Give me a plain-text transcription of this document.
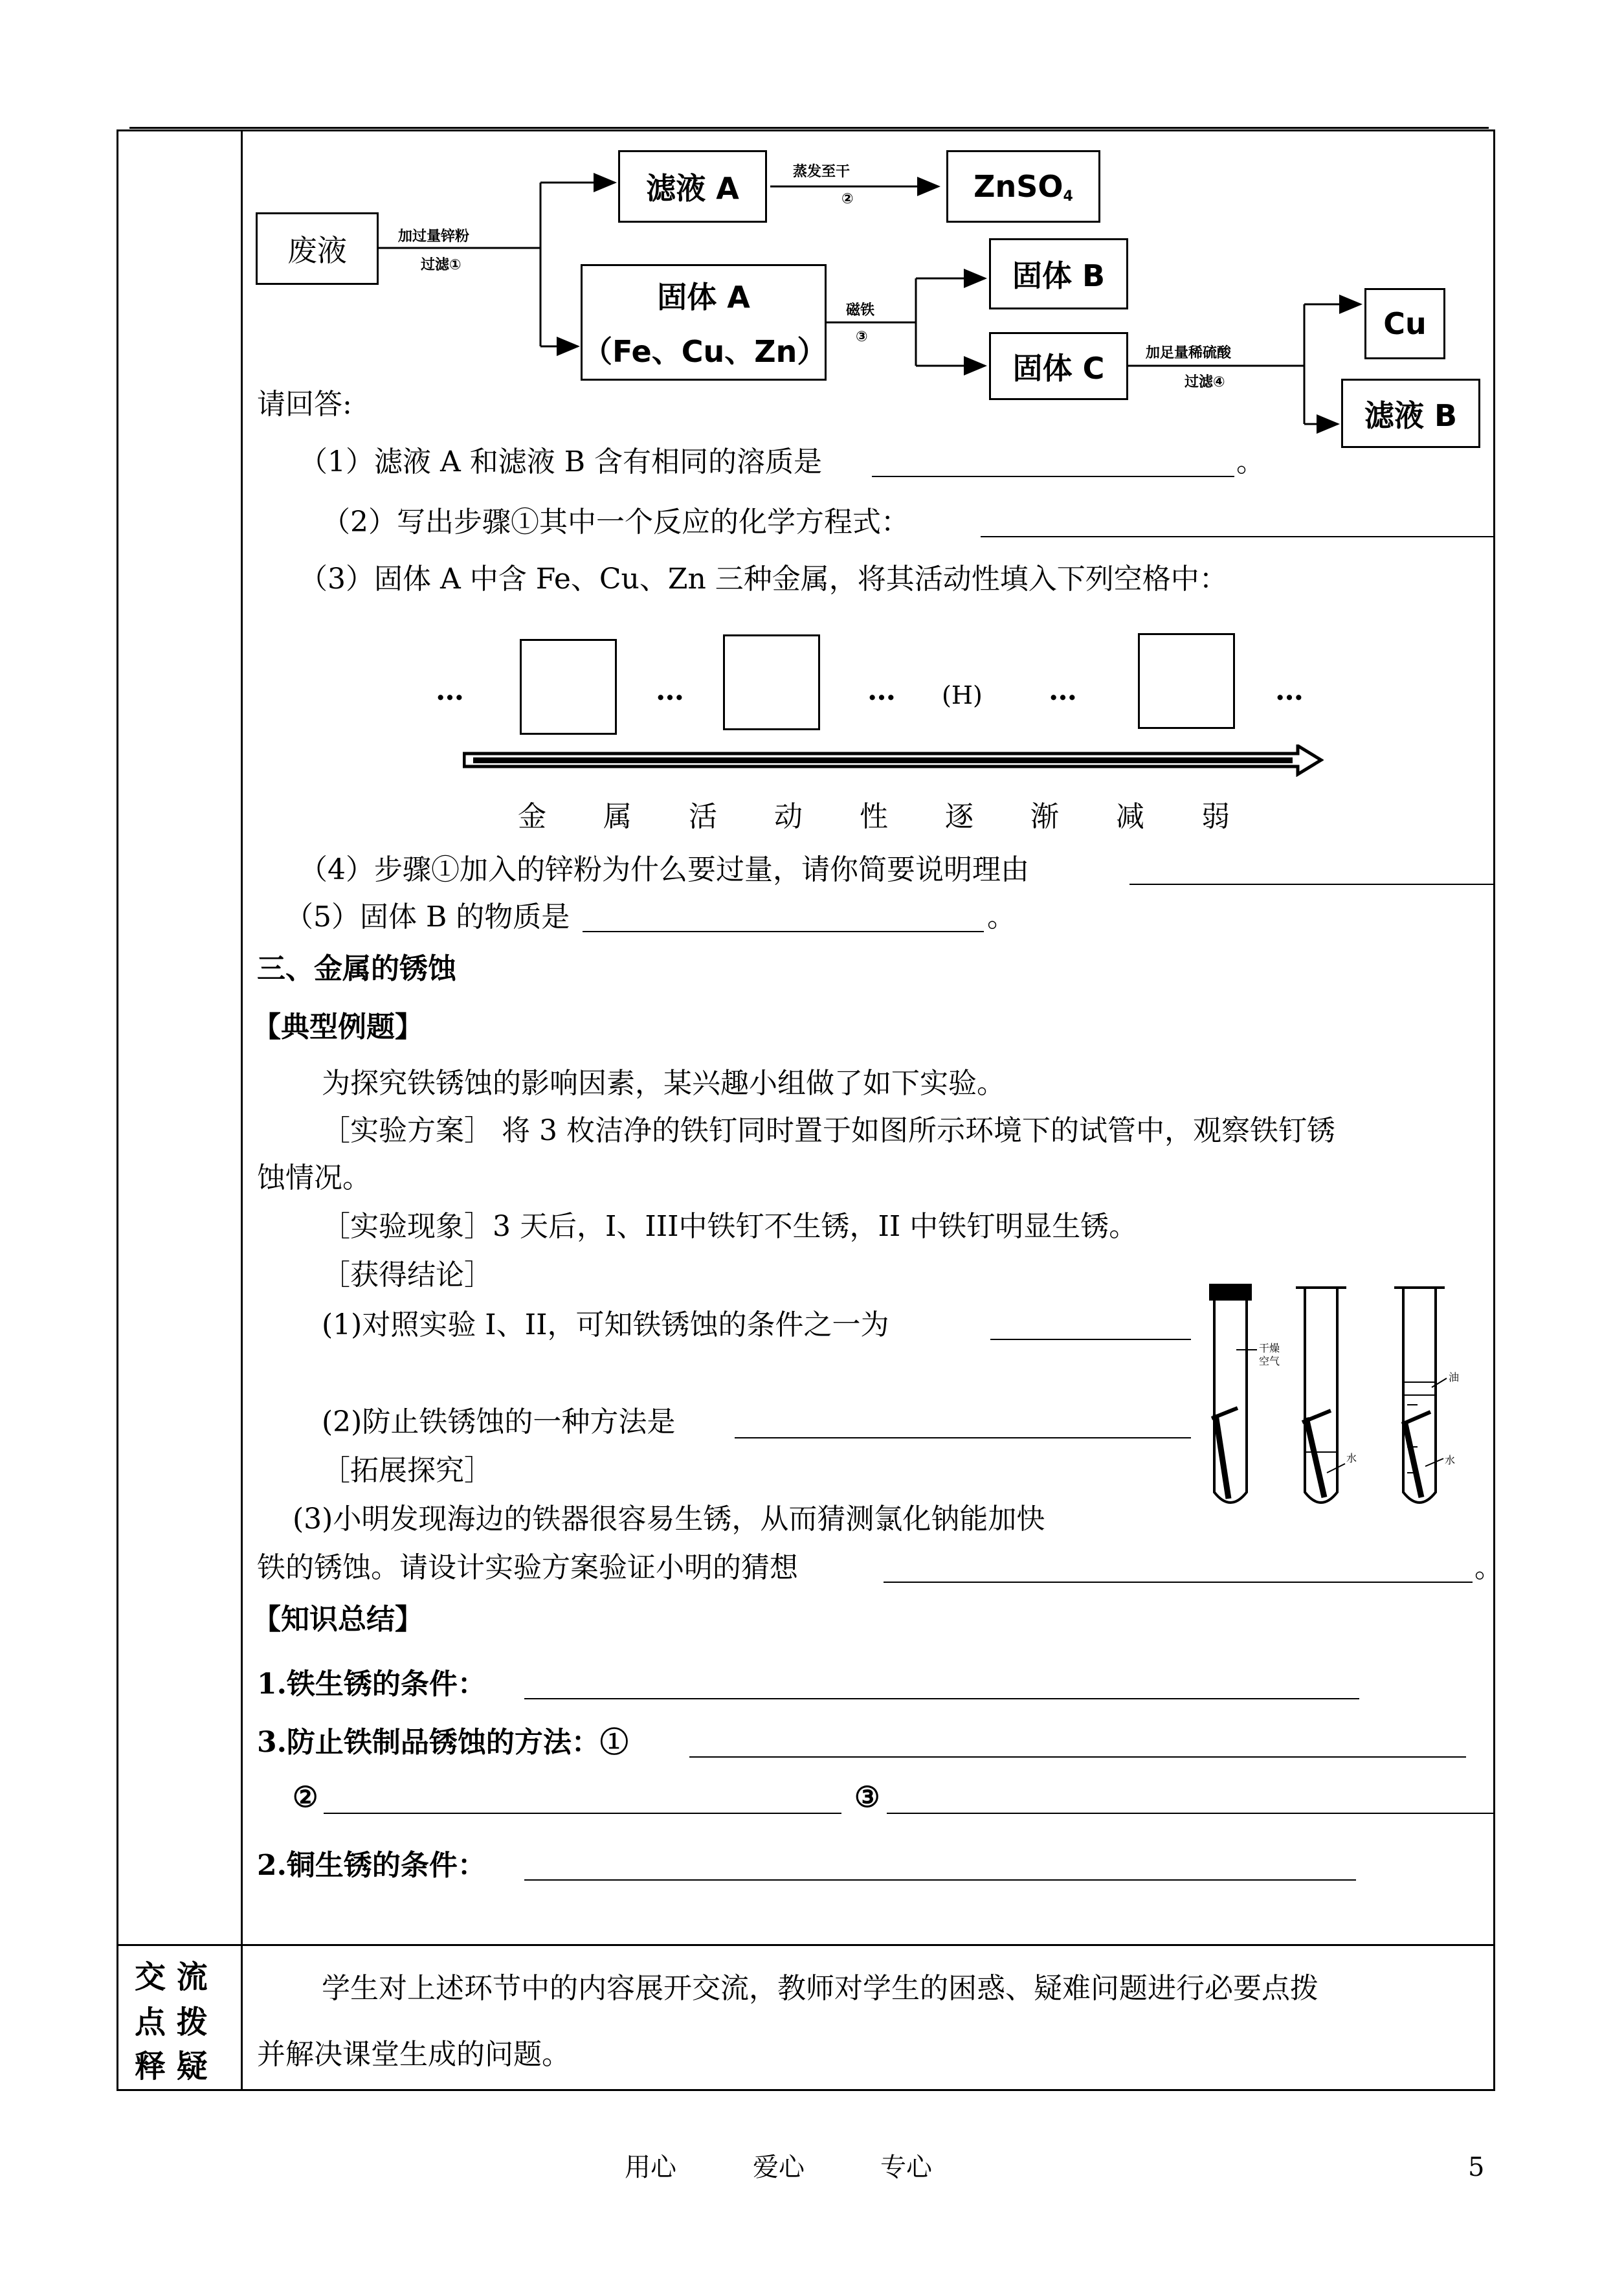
废液	加过量锌粉
过滤①
滤液 A	蒸发至干
②	ZnSO 4
固体 A
（Fe、Cu、Zn）
磁铁
③
固体 B
固体 C	加足量稀硫酸
过滤④
Cu
滤液 B
请回答:
（1）滤液 A 和滤液 B 含有相同的溶质是	。
（2）写出步骤①其中一个反应的化学方程式：
（3）固体 A 中含 Fe、Cu、Zn 三种金属，将其活动性填入下列空格中：
…	…	… (H) …	…
金 属 活 动 性 逐 渐 减 弱
（4）步骤①加入的锌粉为什么要过量，请你简要说明理由
（5）固体 B 的物质是	。
三、金属的锈蚀
【典型例题】
为探究铁锈蚀的影响因素，某兴趣小组做了如下实验。
［实验方案］ 将 3 枚洁净的铁钉同时置于如图所示环境下的试管中，观察铁钉锈
蚀情况。
［实验现象］3 天后，I、III中铁钉不生锈，II 中铁钉明显生锈。
［获得结论］
(1)对照实验 I、II，可知铁锈蚀的条件之一为
(2)防止铁锈蚀的一种方法是
［拓展探究］
(3)小明发现海边的铁器很容易生锈，从而猜测氯化钠能加快
铁的锈蚀。请设计实验方案验证小明的猜想	。
干燥
空气
水
油
水
【知识总结】
1.铁生锈的条件：
3.防止铁制品锈蚀的方法：①
②	③
2.铜生锈的条件：
交 流
点 拨
释 疑
学生对上述环节中的内容展开交流，教师对学生的困惑、疑难问题进行必要点拨
并解决课堂生成的问题。
用心	爱心	专心	5
